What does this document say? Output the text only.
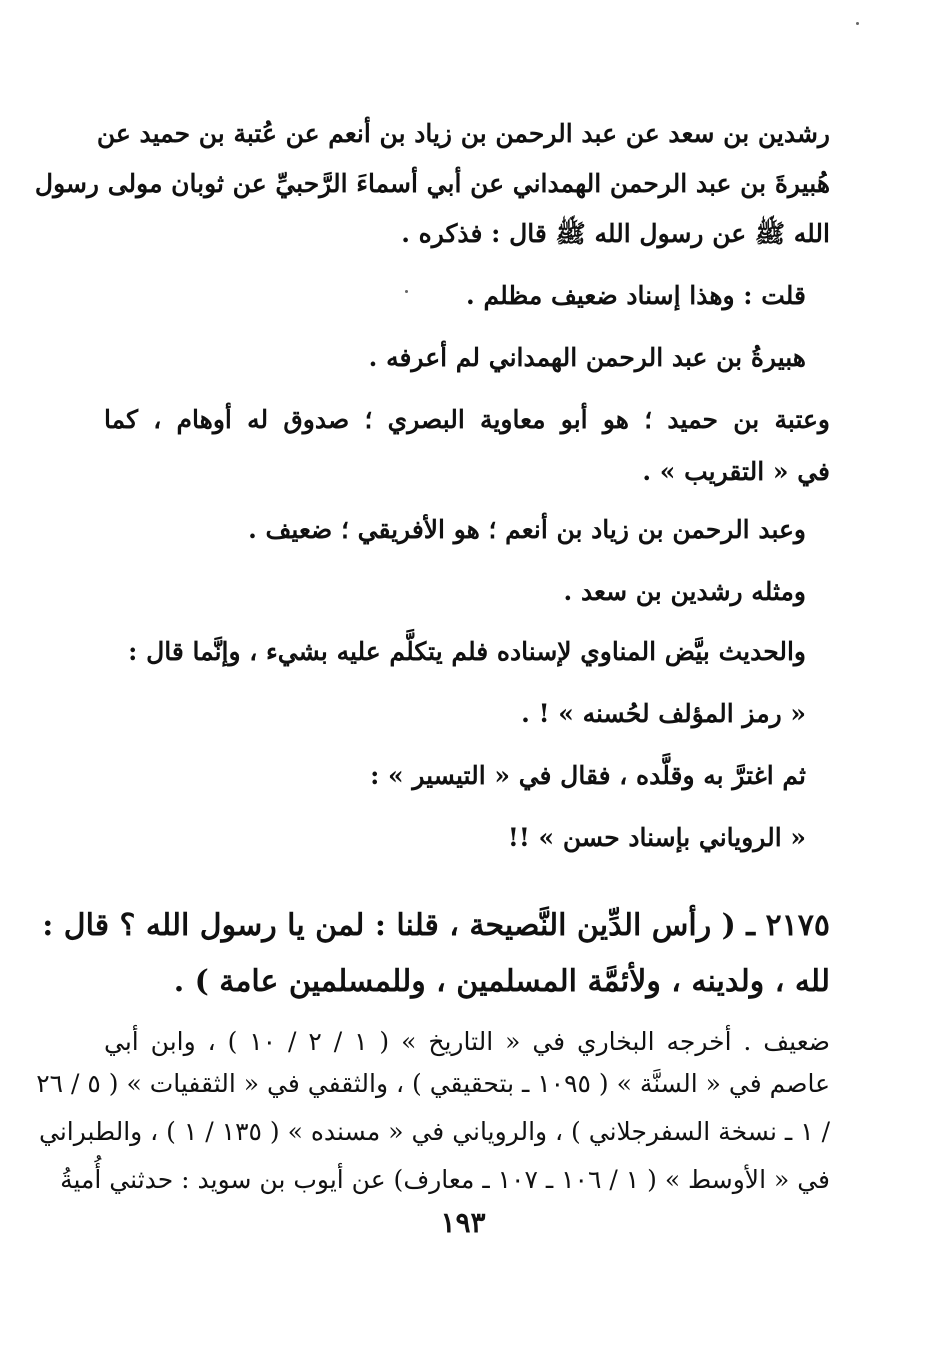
رشدين بن سعد عن عبد الرحمن بن زياد بن أنعم عن عُتبة بن حميد عن
هُبيرةَ بن عبد الرحمن الهمداني عن أبي أسماءَ الرَّحبيِّ عن ثوبان مولى رسول
الله ﷺ عن رسول الله ﷺ قال : فذكره .
قلت : وهذا إسناد ضعيف مظلم .
هبيرةُ بن عبد الرحمن الهمداني لم أعرفه .
وعتبة بن حميد ؛ هو أبو معاوية البصري ؛ صدوق له أوهام ، كما
في « التقريب » .
وعبد الرحمن بن زياد بن أنعم ؛ هو الأفريقي ؛ ضعيف .
ومثله رشدين بن سعد .
والحديث بيَّض المناوي لإسناده فلم يتكلَّم عليه بشيء ، وإنَّما قال :
« رمز المؤلف لحُسنه » ! .
ثم اغترَّ به وقلَّده ، فقال في « التيسير » :
« الروياني بإسناد حسن » !!
٢١٧٥ ـ ( رأس الدِّين النَّصيحة ، قلنا : لمن يا رسول الله ؟ قال :
لله ، ولدينه ، ولأئمَّة المسلمين ، وللمسلمين عامة ) .
ضعيف . أخرجه البخاري في « التاريخ » ( ١ / ٢ / ١٠ ) ، وابن أبي
عاصم في « السنَّة » ( ١٠٩٥ ـ بتحقيقي ) ، والثقفي في « الثقفيات » ( ٥ / ٢٦
/ ١ ـ نسخة السفرجلاني ) ، والروياني في « مسنده » ( ١٣٥ / ١ ) ، والطبراني
في « الأوسط » ( ١ / ١٠٦ ـ ١٠٧ ـ معارف) عن أيوب بن سويد : حدثني أُميةُ
١٩٣
